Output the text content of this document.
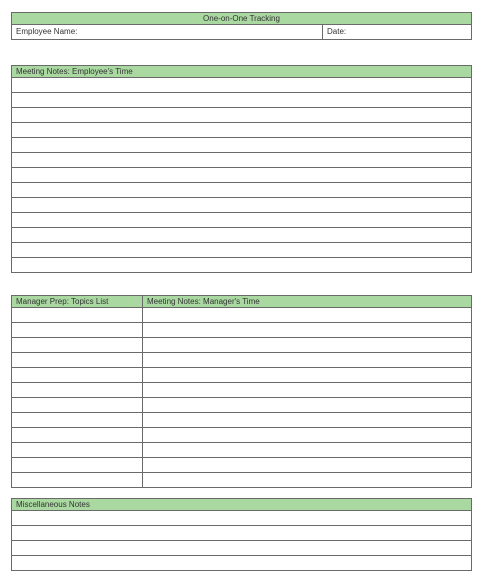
One-on-One Tracking
Employee Name:	Date:
Meeting Notes: Employee's Time
Manager Prep: Topics List	Meeting Notes: Manager's Time
Miscellaneous Notes
